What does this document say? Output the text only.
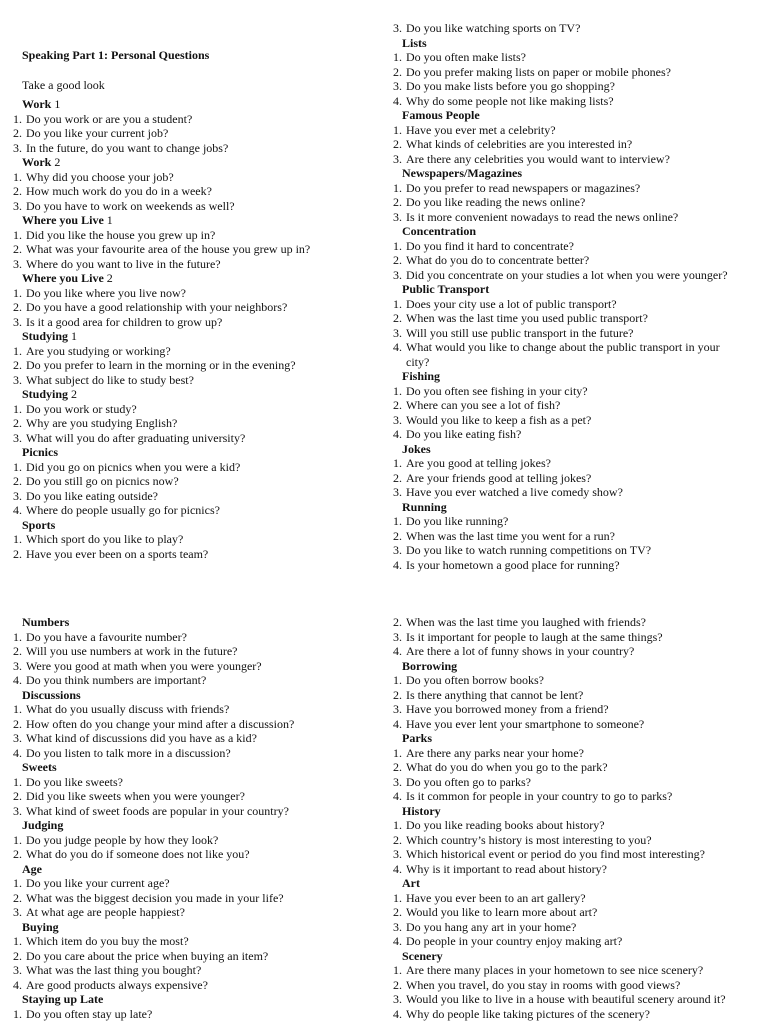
Speaking Part 1: Personal Questions
Take a good look
Work 1
1. Do you work or are you a student?
2. Do you like your current job?
3. In the future, do you want to change jobs?
Work 2
1. Why did you choose your job?
2. How much work do you do in a week?
3. Do you have to work on weekends as well?
Where you Live 1
1. Did you like the house you grew up in?
2. What was your favourite area of the house you grew up in?
3. Where do you want to live in the future?
Where you Live 2
1. Do you like where you live now?
2. Do you have a good relationship with your neighbors?
3. Is it a good area for children to grow up?
Studying 1
1. Are you studying or working?
2. Do you prefer to learn in the morning or in the evening?
3. What subject do like to study best?
Studying 2
1. Do you work or study?
2. Why are you studying English?
3. What will you do after graduating university?
Picnics
1. Did you go on picnics when you were a kid?
2. Do you still go on picnics now?
3. Do you like eating outside?
4. Where do people usually go for picnics?
Sports
1. Which sport do you like to play?
2. Have you ever been on a sports team?
3. Do you like watching sports on TV?
Lists
1. Do you often make lists?
2. Do you prefer making lists on paper or mobile phones?
3. Do you make lists before you go shopping?
4. Why do some people not like making lists?
Famous People
1. Have you ever met a celebrity?
2. What kinds of celebrities are you interested in?
3. Are there any celebrities you would want to interview?
Newspapers/Magazines
1. Do you prefer to read newspapers or magazines?
2. Do you like reading the news online?
3. Is it more convenient nowadays to read the news online?
Concentration
1. Do you find it hard to concentrate?
2. What do you do to concentrate better?
3. Did you concentrate on your studies a lot when you were younger?
Public Transport
1. Does your city use a lot of public transport?
2. When was the last time you used public transport?
3. Will you still use public transport in the future?
4. What would you like to change about the public transport in your
city?
Fishing
1. Do you often see fishing in your city?
2. Where can you see a lot of fish?
3. Would you like to keep a fish as a pet?
4. Do you like eating fish?
Jokes
1. Are you good at telling jokes?
2. Are your friends good at telling jokes?
3. Have you ever watched a live comedy show?
Running
1. Do you like running?
2. When was the last time you went for a run?
3. Do you like to watch running competitions on TV?
4. Is your hometown a good place for running?
Numbers
1. Do you have a favourite number?
2. Will you use numbers at work in the future?
3. Were you good at math when you were younger?
4. Do you think numbers are important?
Discussions
1. What do you usually discuss with friends?
2. How often do you change your mind after a discussion?
3. What kind of discussions did you have as a kid?
4. Do you listen to talk more in a discussion?
Sweets
1. Do you like sweets?
2. Did you like sweets when you were younger?
3. What kind of sweet foods are popular in your country?
Judging
1. Do you judge people by how they look?
2. What do you do if someone does not like you?
Age
1. Do you like your current age?
2. What was the biggest decision you made in your life?
3. At what age are people happiest?
Buying
1. Which item do you buy the most?
2. Do you care about the price when buying an item?
3. What was the last thing you bought?
4. Are good products always expensive?
Staying up Late
1. Do you often stay up late?
2. When was the last time you laughed with friends?
3. Is it important for people to laugh at the same things?
4. Are there a lot of funny shows in your country?
Borrowing
1. Do you often borrow books?
2. Is there anything that cannot be lent?
3. Have you borrowed money from a friend?
4. Have you ever lent your smartphone to someone?
Parks
1. Are there any parks near your home?
2. What do you do when you go to the park?
3. Do you often go to parks?
4. Is it common for people in your country to go to parks?
History
1. Do you like reading books about history?
2. Which country’s history is most interesting to you?
3. Which historical event or period do you find most interesting?
4. Why is it important to read about history?
Art
1. Have you ever been to an art gallery?
2. Would you like to learn more about art?
3. Do you hang any art in your home?
4. Do people in your country enjoy making art?
Scenery
1. Are there many places in your hometown to see nice scenery?
2. When you travel, do you stay in rooms with good views?
3. Would you like to live in a house with beautiful scenery around it?
4. Why do people like taking pictures of the scenery?
